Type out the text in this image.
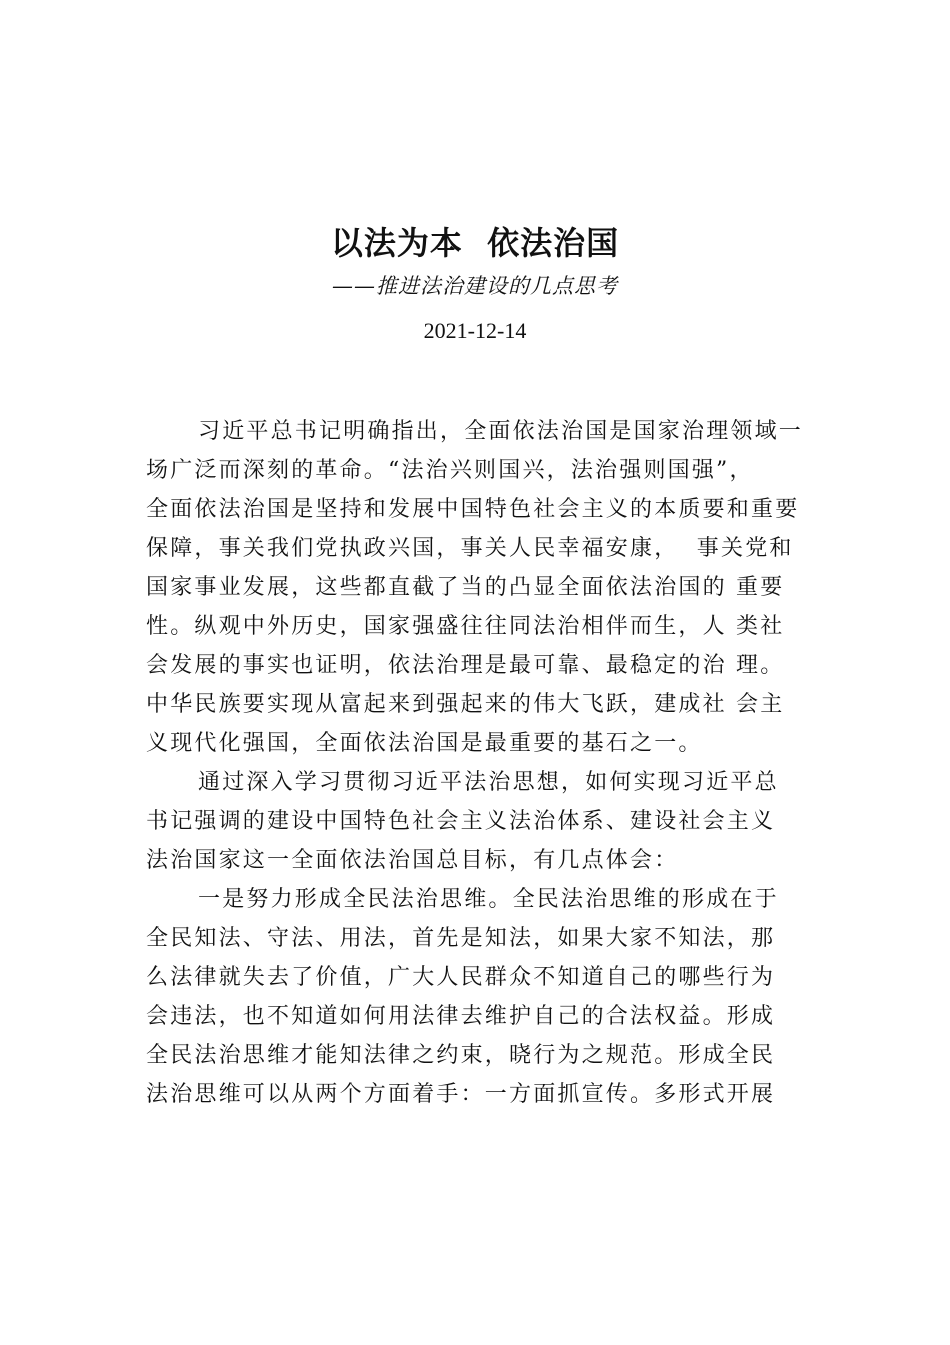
以法为本  依法治国
——推进法治建设的几点思考
2021-12-14
习近平总书记明确指出，全面依法治国是国家治理领域一
场广泛而深刻的革命。“法治兴则国兴，法治强则国强”，
全面依法治国是坚持和发展中国特色社会主义的本质要和重要
保障，事关我们党执政兴国，事关人民幸福安康，  事关党和
国家事业发展，这些都直截了当的凸显全面依法治国的 重要
性。纵观中外历史，国家强盛往往同法治相伴而生，人 类社
会发展的事实也证明，依法治理是最可靠、最稳定的治 理。
中华民族要实现从富起来到强起来的伟大飞跃，建成社 会主
义现代化强国，全面依法治国是最重要的基石之一。
通过深入学习贯彻习近平法治思想，如何实现习近平总
书记强调的建设中国特色社会主义法治体系、建设社会主义
法治国家这一全面依法治国总目标，有几点体会：
一是努力形成全民法治思维。全民法治思维的形成在于
全民知法、守法、用法，首先是知法，如果大家不知法，那
么法律就失去了价值，广大人民群众不知道自己的哪些行为
会违法，也不知道如何用法律去维护自己的合法权益。形成
全民法治思维才能知法律之约束，晓行为之规范。形成全民
法治思维可以从两个方面着手：一方面抓宣传。多形式开展
